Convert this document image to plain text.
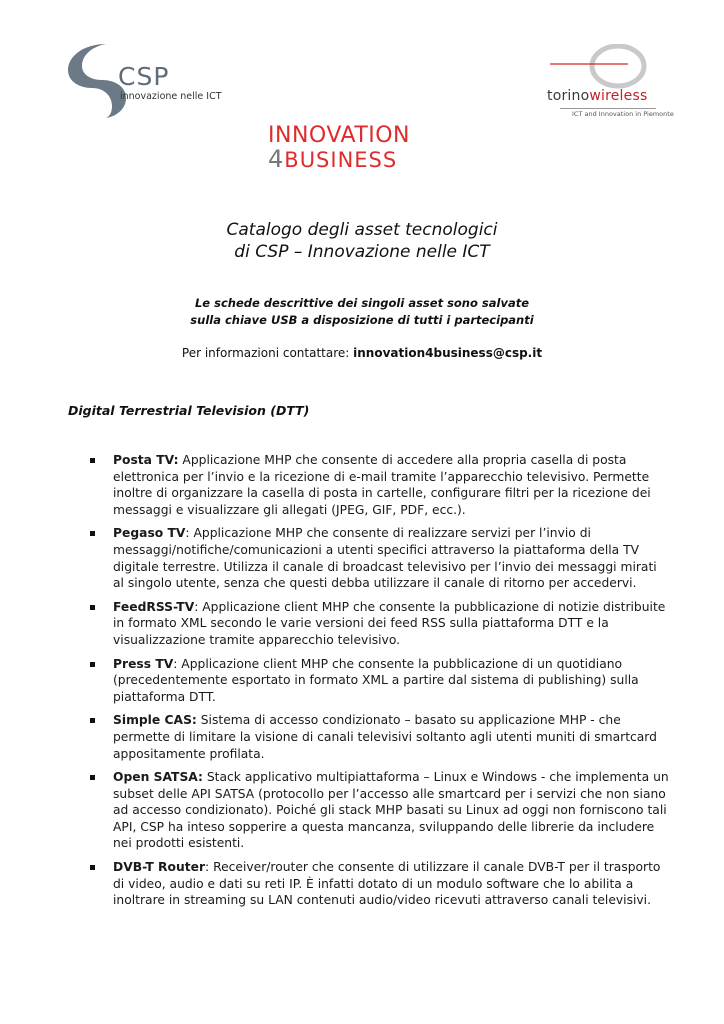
CSP
innovazione nelle ICT	torinowireless
ICT and Innovation in Piemonte
INNOVATION
4BUSINESS
Catalogo degli asset tecnologici
di CSP – Innovazione nelle ICT
Le schede descrittive dei singoli asset sono salvate
sulla chiave USB a disposizione di tutti i partecipanti
Per informazioni contattare: innovation4business@csp.it
Digital Terrestrial Television (DTT)
Posta TV: Applicazione MHP che consente di accedere alla propria casella di posta elettronica per l’invio e la ricezione di e-mail tramite l’apparecchio televisivo. Permette inoltre di organizzare la casella di posta in cartelle, configurare filtri per la ricezione dei messaggi e visualizzare gli allegati (JPEG, GIF, PDF, ecc.).
Pegaso TV: Applicazione MHP che consente di realizzare servizi per l’invio di messaggi/notifiche/comunicazioni a utenti specifici attraverso la piattaforma della TV digitale terrestre. Utilizza il canale di broadcast televisivo per l’invio dei messaggi mirati al singolo utente, senza che questi debba utilizzare il canale di ritorno per accedervi.
FeedRSS-TV: Applicazione client MHP che consente la pubblicazione di notizie distribuite in formato XML secondo le varie versioni dei feed RSS sulla piattaforma DTT e la visualizzazione tramite apparecchio televisivo.
Press TV: Applicazione client MHP che consente la pubblicazione di un quotidiano (precedentemente esportato in formato XML a partire dal sistema di publishing) sulla piattaforma DTT.
Simple CAS: Sistema di accesso condizionato – basato su applicazione MHP - che permette di limitare la visione di canali televisivi soltanto agli utenti muniti di smartcard appositamente profilata.
Open SATSA: Stack applicativo multipiattaforma – Linux e Windows - che implementa un subset delle API SATSA (protocollo per l’accesso alle smartcard per i servizi che non siano ad accesso condizionato). Poiché gli stack MHP basati su Linux ad oggi non forniscono tali API, CSP ha inteso sopperire a questa mancanza, sviluppando delle librerie da includere nei prodotti esistenti.
DVB-T Router: Receiver/router che consente di utilizzare il canale DVB-T per il trasporto di video, audio e dati su reti IP. È infatti dotato di un modulo software che lo abilita a inoltrare in streaming su LAN contenuti audio/video ricevuti attraverso canali televisivi.
